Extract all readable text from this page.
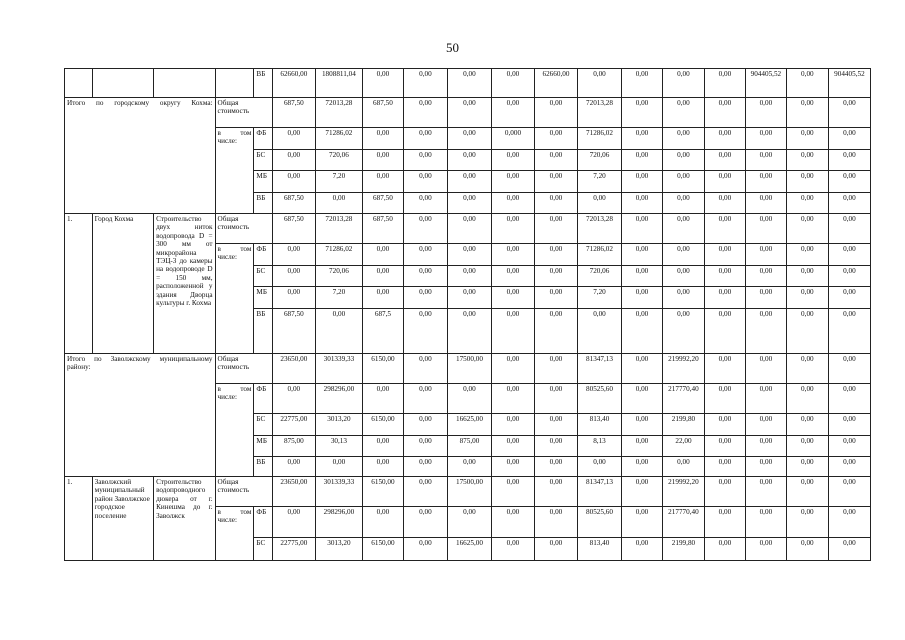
50
				ВБ	62660,00	1808811,04	0,00	0,00	0,00	0,00	62660,00	0,00	0,00	0,00	0,00	904405,52	0,00	904405,52
Итого по городскому округу Кохма:			Общая стоимость		687,50	72013,28	687,50	0,00	0,00	0,00	0,00	72013,28	0,00	0,00	0,00	0,00	0,00	0,00
			в том числе:	ФБ	0,00	71286,02	0,00	0,00	0,00	0,000	0,00	71286,02	0,00	0,00	0,00	0,00	0,00	0,00
				БС	0,00	720,06	0,00	0,00	0,00	0,00	0,00	720,06	0,00	0,00	0,00	0,00	0,00	0,00
				МБ	0,00	7,20	0,00	0,00	0,00	0,00	0,00	7,20	0,00	0,00	0,00	0,00	0,00	0,00
				ВБ	687,50	0,00	687,50	0,00	0,00	0,00	0,00	0,00	0,00	0,00	0,00	0,00	0,00	0,00
1.	Город Кохма	Строительство двух ниток водопровода D = 300 мм от микрорайона ТЭЦ-3 до камеры на водопроводе D = 150 мм, расположенной у здания Дворца культуры г. Кохма	Общая стоимость		687,50	72013,28	687,50	0,00	0,00	0,00	0,00	72013,28	0,00	0,00	0,00	0,00	0,00	0,00
			в том числе:	ФБ	0,00	71286,02	0,00	0,00	0,00	0,00	0,00	71286,02	0,00	0,00	0,00	0,00	0,00	0,00
				БС	0,00	720,06	0,00	0,00	0,00	0,00	0,00	720,06	0,00	0,00	0,00	0,00	0,00	0,00
				МБ	0,00	7,20	0,00	0,00	0,00	0,00	0,00	7,20	0,00	0,00	0,00	0,00	0,00	0,00
				ВБ	687,50	0,00	687,5	0,00	0,00	0,00	0,00	0,00	0,00	0,00	0,00	0,00	0,00	0,00
Итого по Заволжскому муниципальному району:			Общая стоимость		23650,00	301339,33	6150,00	0,00	17500,00	0,00	0,00	81347,13	0,00	219992,20	0,00	0,00	0,00	0,00
			в том числе:	ФБ	0,00	298296,00	0,00	0,00	0,00	0,00	0,00	80525,60	0,00	217770,40	0,00	0,00	0,00	0,00
				БС	22775,00	3013,20	6150,00	0,00	16625,00	0,00	0,00	813,40	0,00	2199,80	0,00	0,00	0,00	0,00
				МБ	875,00	30,13	0,00	0,00	875,00	0,00	0,00	8,13	0,00	22,00	0,00	0,00	0,00	0,00
				ВБ	0,00	0,00	0,00	0,00	0,00	0,00	0,00	0,00	0,00	0,00	0,00	0,00	0,00	0,00
1.	Заволжский муниципальный район Заволжское городское поселение	Строительство водопроводного дюкера от г. Кинешма до г. Заволжск	Общая стоимость		23650,00	301339,33	6150,00	0,00	17500,00	0,00	0,00	81347,13	0,00	219992,20	0,00	0,00	0,00	0,00
			в том числе:	ФБ	0,00	298296,00	0,00	0,00	0,00	0,00	0,00	80525,60	0,00	217770,40	0,00	0,00	0,00	0,00
				БС	22775,00	3013,20	6150,00	0,00	16625,00	0,00	0,00	813,40	0,00	2199,80	0,00	0,00	0,00	0,00
